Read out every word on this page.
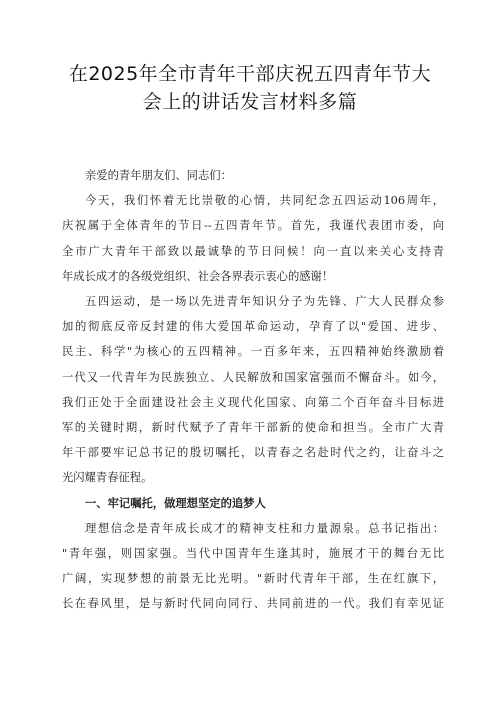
在2025年全市青年干部庆祝五四青年节大
会上的讲话发言材料多篇
亲爱的青年朋友们、同志们：
今天，我们怀着无比崇敬的心情，共同纪念五四运动106周年，
庆祝属于全体青年的节日--五四青年节。首先，我谨代表团市委，向
全市广大青年干部致以最诚挚的节日问候！向一直以来关心支持青
年成长成才的各级党组织、社会各界表示衷心的感谢！
五四运动，是一场以先进青年知识分子为先锋、广大人民群众参
加的彻底反帝反封建的伟大爱国革命运动，孕育了以"爱国、进步、
民主、科学"为核心的五四精神。一百多年来，五四精神始终激励着
一代又一代青年为民族独立、人民解放和国家富强而不懈奋斗。如今，
我们正处于全面建设社会主义现代化国家、向第二个百年奋斗目标进
军的关键时期，新时代赋予了青年干部新的使命和担当。全市广大青
年干部要牢记总书记的殷切嘱托，以青春之名赴时代之约，让奋斗之
光闪耀青春征程。
一、牢记嘱托，做理想坚定的追梦人
理想信念是青年成长成才的精神支柱和力量源泉。总书记指出：
"青年强，则国家强。当代中国青年生逢其时，施展才干的舞台无比
广阔，实现梦想的前景无比光明。"新时代青年干部，生在红旗下，
长在春风里，是与新时代同向同行、共同前进的一代。我们有幸见证
